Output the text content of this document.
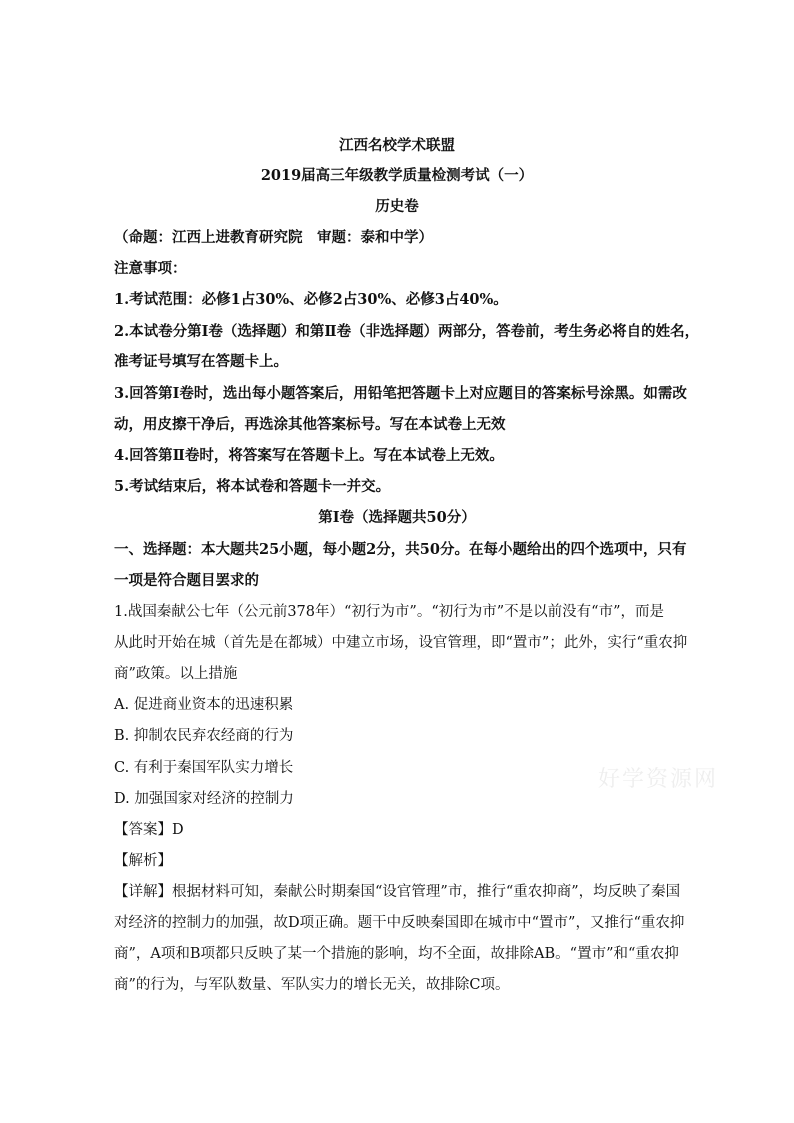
江西名校学术联盟
2019届高三年级教学质量检测考试（一）
历史卷
（命题：江西上进教育研究院　审题：泰和中学）
注意事项：
1.考试范围：必修1占30%、必修2占30%、必修3占40%。
2.本试卷分第Ⅰ卷（选择题）和第Ⅱ卷（非选择题）两部分，答卷前，考生务必将自的姓名，
准考证号填写在答题卡上。
3.回答第Ⅰ卷时，选出每小题答案后，用铅笔把答题卡上对应题目的答案标号涂黑。如需改
动，用皮擦干净后，再选涂其他答案标号。写在本试卷上无效
4.回答第Ⅱ卷时，将答案写在答题卡上。写在本试卷上无效。
5.考试结束后，将本试卷和答题卡一并交。
第Ⅰ卷（选择题共50分）
一、选择题：本大题共25小题，每小题2分，共50分。在每小题给出的四个选项中，只有
一项是符合题目罢求的
1.战国秦献公七年（公元前378年）“初行为市”。“初行为市”不是以前没有“市”，而是
从此时开始在城（首先是在都城）中建立市场，设官管理，即“置市”；此外，实行“重农抑
商”政策。以上措施
A. 促进商业资本的迅速积累
B. 抑制农民弃农经商的行为
C. 有利于秦国军队实力增长
D. 加强国家对经济的控制力
【答案】D
【解析】
【详解】根据材料可知，秦献公时期秦国“设官管理”市，推行“重农抑商”，均反映了秦国
对经济的控制力的加强，故D项正确。题干中反映秦国即在城市中“置市”，又推行“重农抑
商”，A项和B项都只反映了某一个措施的影响，均不全面，故排除AB。“置市”和“重农抑
商”的行为，与军队数量、军队实力的增长无关，故排除C项。
好学资源网
